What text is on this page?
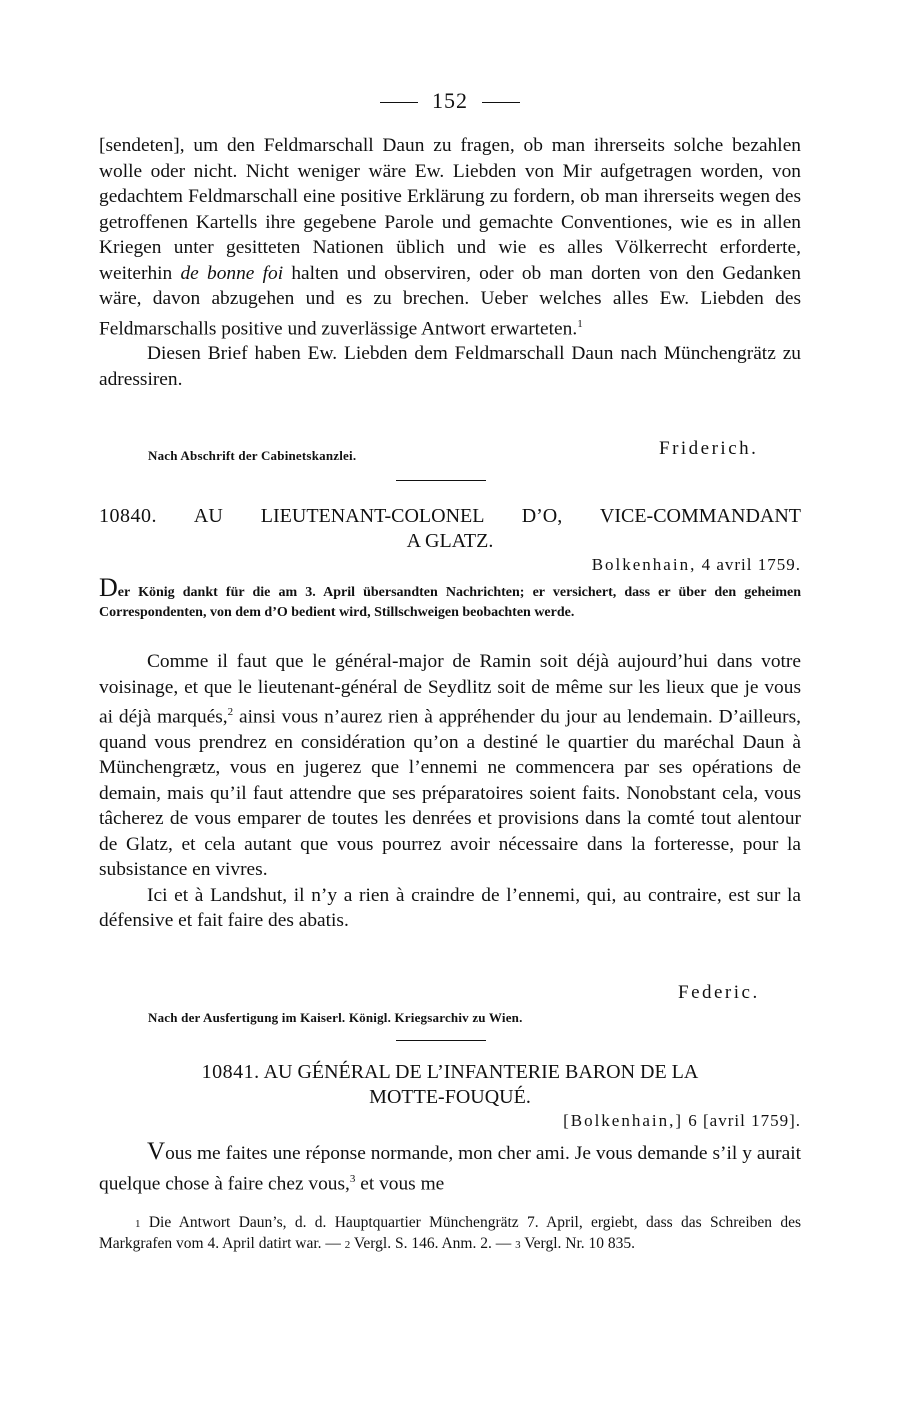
152

[sendeten], um den Feldmarschall Daun zu fragen, ob man ihrerseits solche bezahlen wolle oder nicht. Nicht weniger wäre Ew. Liebden von Mir aufgetragen worden, von gedachtem Feldmarschall eine positive Erklärung zu fordern, ob man ihrerseits wegen des getroffenen Kartells ihre gegebene Parole und gemachte Conventiones, wie es in allen Kriegen unter gesitteten Nationen üblich und wie es alles Völkerrecht erforderte, weiterhin de bonne foi halten und observiren, oder ob man dorten von den Gedanken wäre, davon abzugehen und es zu brechen. Ueber welches alles Ew. Liebden des Feldmarschalls positive und zuverlässige Antwort erwarteten.$^1$

Diesen Brief haben Ew. Liebden dem Feldmarschall Daun nach Münchengrätz zu adressiren.

Nach Abschrift der Cabinetskanzlei.	Friderich.
10840. AU LIEUTENANT-COLONEL D’O, VICE-COMMANDANT
A GLATZ.
Bolkenhain, 4 avril 1759.
Der König dankt für die am 3. April übersandten Nachrichten; er versichert, dass er über den geheimen Correspondenten, von dem d’O bedient wird, Stillschweigen beobachten werde.

Comme il faut que le général-major de Ramin soit déjà aujourd’hui dans votre voisinage, et que le lieutenant-général de Seydlitz soit de même sur les lieux que je vous ai déjà marqués,$^2$ ainsi vous n’aurez rien à appréhender du jour au lendemain. D’ailleurs, quand vous prendrez en considération qu’on a destiné le quartier du maréchal Daun à Münchengrætz, vous en jugerez que l’ennemi ne commencera par ses opérations de demain, mais qu’il faut attendre que ses préparatoires soient faits. Nonobstant cela, vous tâcherez de vous emparer de toutes les denrées et provisions dans la comté tout alentour de Glatz, et cela autant que vous pourrez avoir nécessaire dans la forteresse, pour la subsistance en vivres.

Ici et à Landshut, il n’y a rien à craindre de l’ennemi, qui, au contraire, est sur la défensive et fait faire des abatis.

Federic.
Nach der Ausfertigung im Kaiserl. Königl. Kriegsarchiv zu Wien.
10841. AU GÉNÉRAL DE L’INFANTERIE BARON DE LA
MOTTE-FOUQUÉ.
[Bolkenhain,] 6 [avril 1759].

Vous me faites une réponse normande, mon cher ami. Je vous demande s’il y aurait quelque chose à faire chez vous,$^3$ et vous me

1 Die Antwort Daun’s, d. d. Hauptquartier Münchengrätz 7. April, ergiebt, dass das Schreiben des Markgrafen vom 4. April datirt war. — 2 Vergl. S. 146. Anm. 2. — 3 Vergl. Nr. 10 835.
